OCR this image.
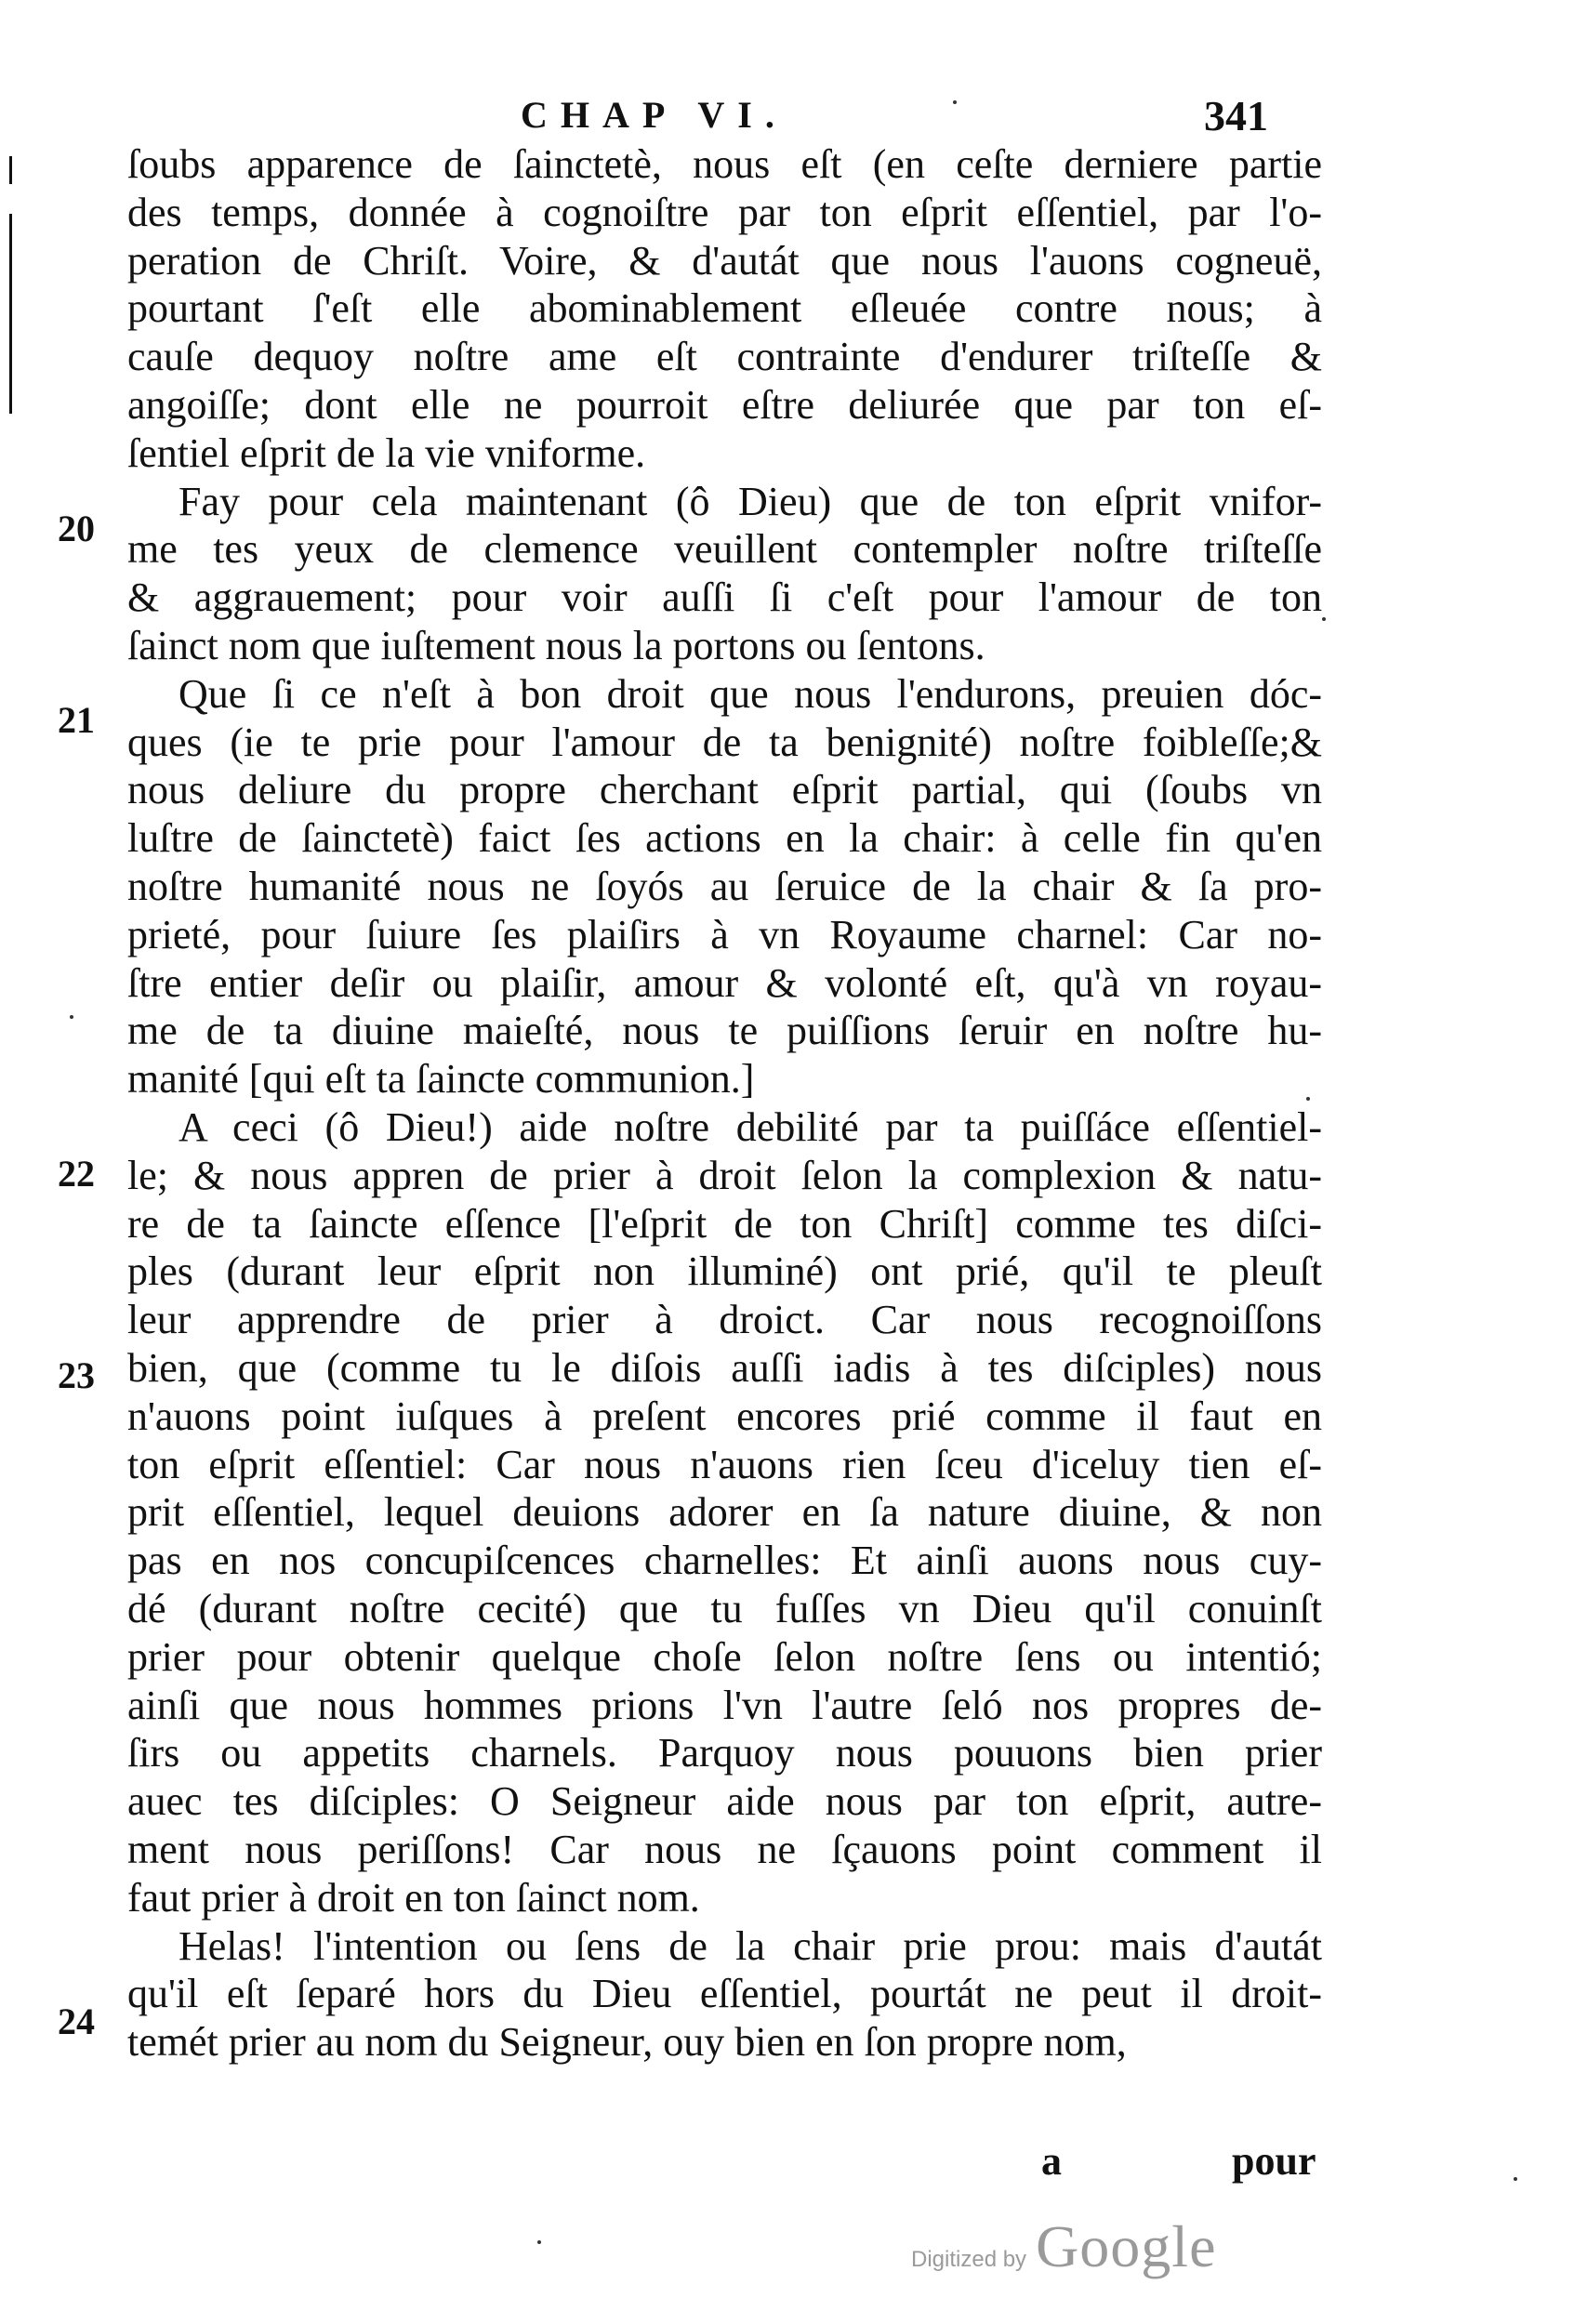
CHAP VI.	341
ſoubs apparence de ſainctetè, nous eſt (en ceſte derniere partie
des temps, donnée à cognoiſtre par ton eſprit eſſentiel, par l'o-
peration de Chriſt. Voire, & d'autát que nous l'auons cogneuë,
pourtant ſ'eſt elle abominablement eſleuée contre nous; à
cauſe dequoy noſtre ame eſt contrainte d'endurer triſteſſe &
angoiſſe; dont elle ne pourroit eſtre deliurée que par ton eſ-
ſentiel eſprit de la vie vniforme.
Fay pour cela maintenant (ô Dieu) que de ton eſprit vnifor-
me tes yeux de clemence veuillent contempler noſtre triſteſſe
& aggrauement; pour voir auſſi ſi c'eſt pour l'amour de ton
ſainct nom que iuſtement nous la portons ou ſentons.
Que ſi ce n'eſt à bon droit que nous l'endurons, preuien dóc-
ques (ie te prie pour l'amour de ta benignité) noſtre foibleſſe;&
nous deliure du propre cherchant eſprit partial, qui (ſoubs vn
luſtre de ſainctetè) faict ſes actions en la chair: à celle fin qu'en
noſtre humanité nous ne ſoyós au ſeruice de la chair & ſa pro-
prieté, pour ſuiure ſes plaiſirs à vn Royaume charnel: Car no-
ſtre entier deſir ou plaiſir, amour & volonté eſt, qu'à vn royau-
me de ta diuine maieſté, nous te puiſſions ſeruir en noſtre hu-
manité [qui eſt ta ſaincte communion.]
A ceci (ô Dieu!) aide noſtre debilité par ta puiſſáce eſſentiel-
le; & nous appren de prier à droit ſelon la complexion & natu-
re de ta ſaincte eſſence [l'eſprit de ton Chriſt] comme tes diſci-
ples (durant leur eſprit non illuminé) ont prié, qu'il te pleuſt
leur apprendre de prier à droict. Car nous recognoiſſons
bien, que (comme tu le diſois auſſi iadis à tes diſciples) nous
n'auons point iuſques à preſent encores prié comme il faut en
ton eſprit eſſentiel: Car nous n'auons rien ſceu d'iceluy tien eſ-
prit eſſentiel, lequel deuions adorer en ſa nature diuine, & non
pas en nos concupiſcences charnelles: Et ainſi auons nous cuy-
dé (durant noſtre cecité) que tu fuſſes vn Dieu qu'il conuinſt
prier pour obtenir quelque choſe ſelon noſtre ſens ou intentió;
ainſi que nous hommes prions l'vn l'autre ſeló nos propres de-
ſirs ou appetits charnels. Parquoy nous pouuons bien prier
auec tes diſciples: O Seigneur aide nous par ton eſprit, autre-
ment nous periſſons! Car nous ne ſçauons point comment il
faut prier à droit en ton ſainct nom.
Helas! l'intention ou ſens de la chair prie prou: mais d'autát
qu'il eſt ſeparé hors du Dieu eſſentiel, pourtát ne peut il droit-
temét prier au nom du Seigneur, ouy bien en ſon propre nom,
20
21
22
23
24
a	pour
Digitized by Google
